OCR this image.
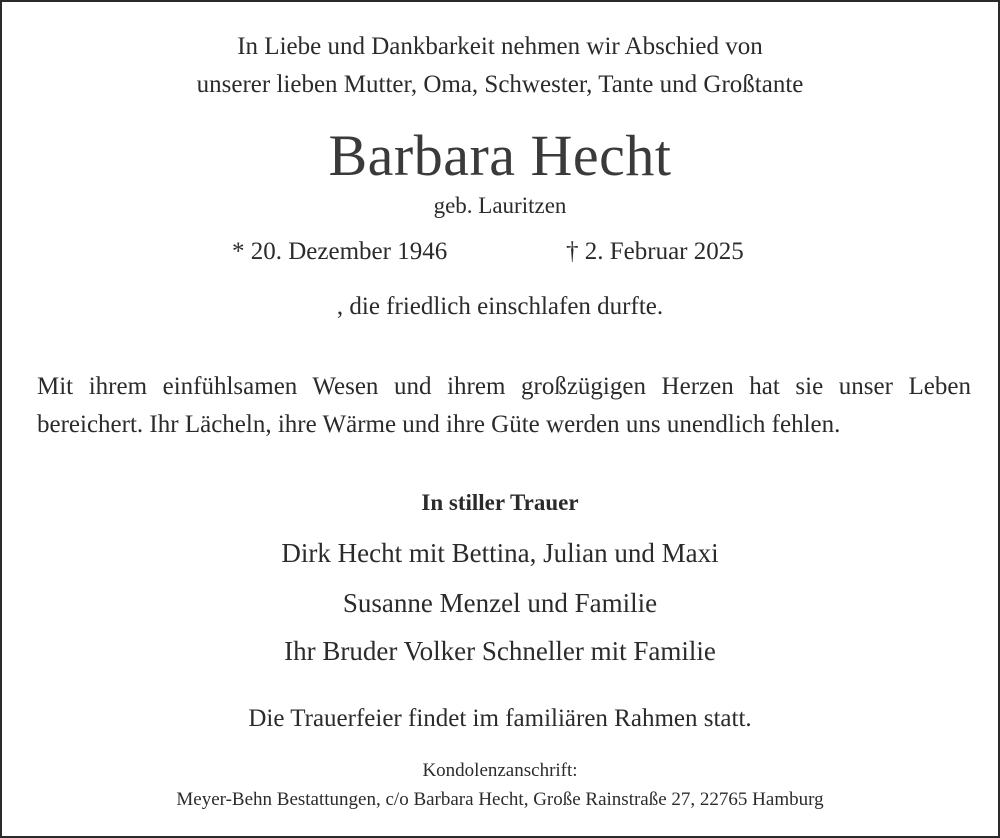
In Liebe und Dankbarkeit nehmen wir Abschied von
unserer lieben Mutter, Oma, Schwester, Tante und Großtante
Barbara Hecht
geb. Lauritzen
* 20. Dezember 1946	† 2. Februar 2025
, die friedlich einschlafen durfte.

Mit ihrem einfühlsamen Wesen und ihrem großzügigen Herzen hat sie unser Leben bereichert. Ihr Lächeln, ihre Wärme und ihre Güte werden uns unendlich fehlen.

In stiller Trauer
Dirk Hecht mit Bettina, Julian und Maxi
Susanne Menzel und Familie
Ihr Bruder Volker Schneller mit Familie
Die Trauerfeier findet im familiären Rahmen statt.
Kondolenzanschrift:
Meyer-Behn Bestattungen, c/o Barbara Hecht, Große Rainstraße 27, 22765 Hamburg
